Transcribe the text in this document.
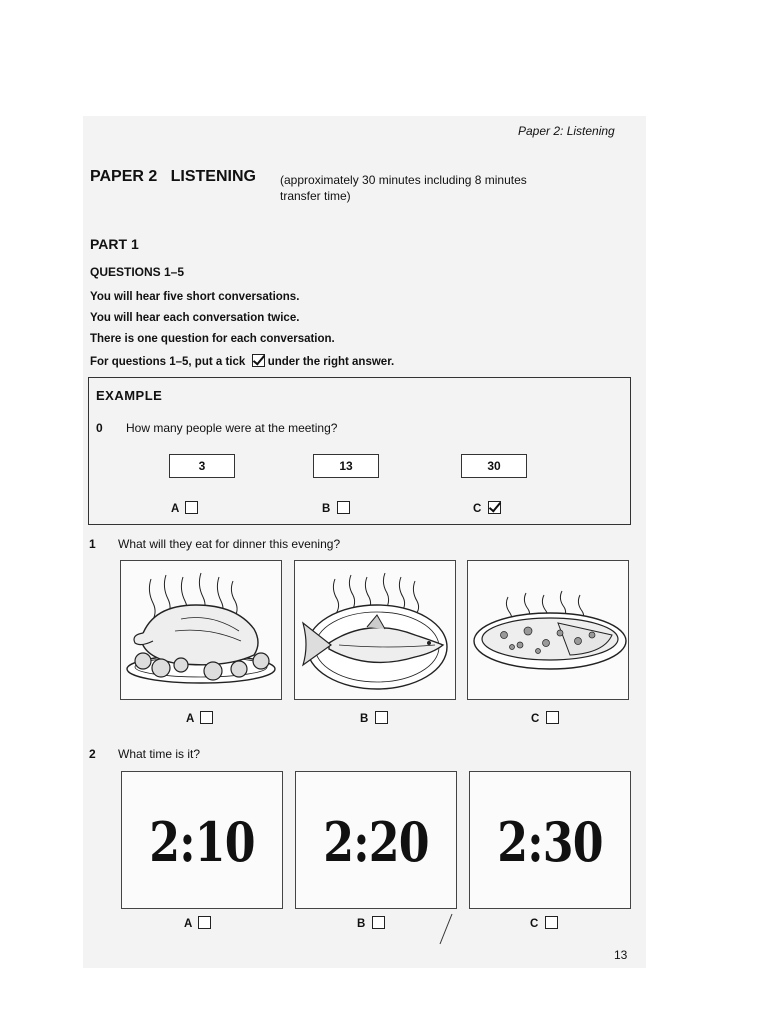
Paper 2: Listening
PAPER 2   LISTENING (approximately 30 minutes including 8 minutes transfer time)
PART 1
QUESTIONS 1–5
You will hear five short conversations.
You will hear each conversation twice.
There is one question for each conversation.
For questions 1–5, put a tick under the right answer.
EXAMPLE
0 How many people were at the meeting?
3	13	30
A	B	C
1 What will they eat for dinner this evening?
A	B	C
2 What time is it?
2:10 2:20 2:30
A	B	C
13
